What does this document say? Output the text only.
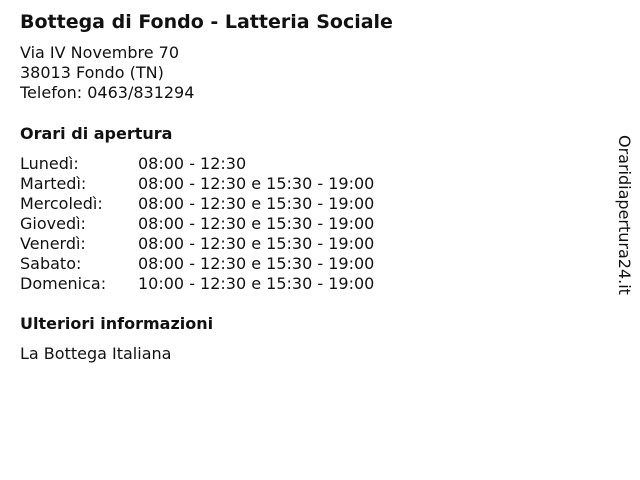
Bottega di Fondo - Latteria Sociale
Via IV Novembre 70
38013 Fondo (TN)
Telefon: 0463/831294
Orari di apertura
Lunedì:	08:00 - 12:30
Martedì:	08:00 - 12:30 e 15:30 - 19:00
Mercoledì:	08:00 - 12:30 e 15:30 - 19:00
Giovedì:	08:00 - 12:30 e 15:30 - 19:00
Venerdì:	08:00 - 12:30 e 15:30 - 19:00
Sabato:	08:00 - 12:30 e 15:30 - 19:00
Domenica:	10:00 - 12:30 e 15:30 - 19:00
Ulteriori informazioni
La Bottega Italiana
Oraridiapertura24.it
